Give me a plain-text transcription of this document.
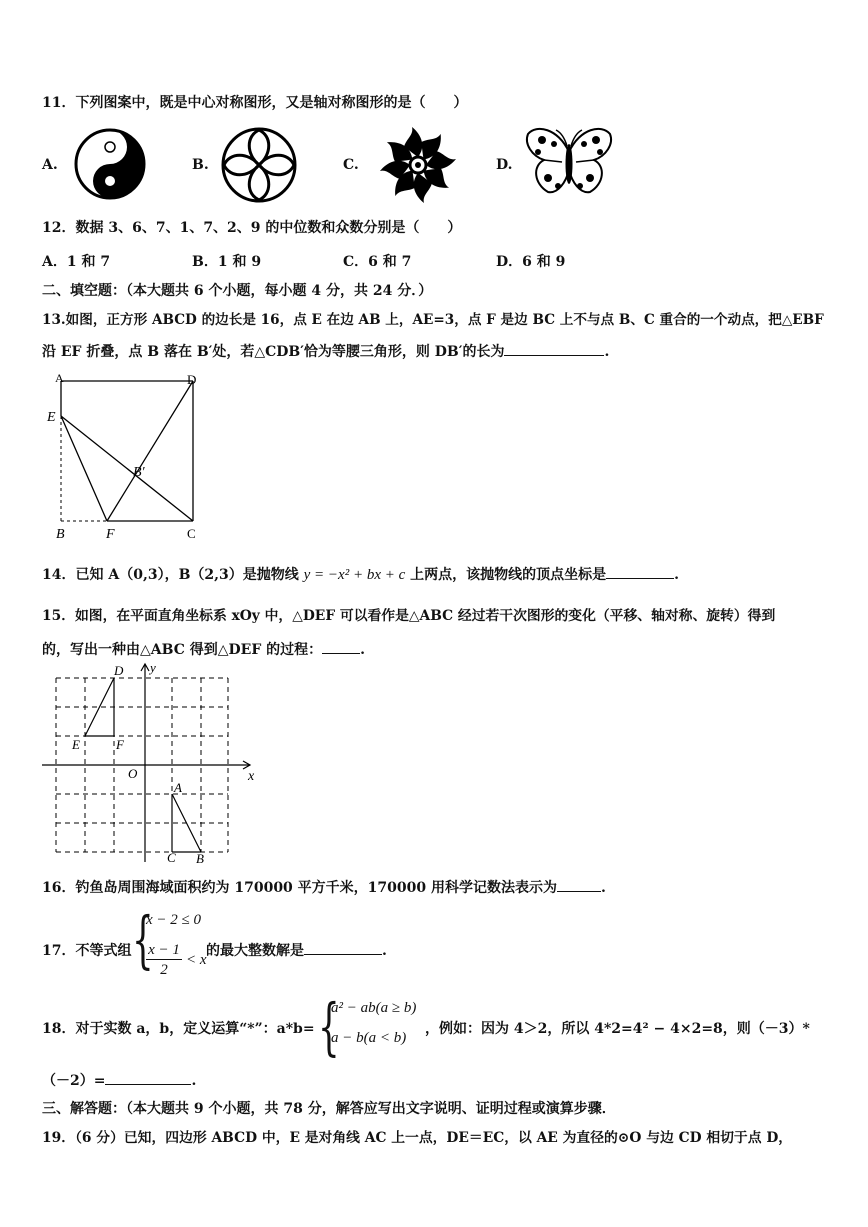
11．下列图案中，既是中心对称图形，又是轴对称图形的是（　　）
A.	B.	C.	D.
12．数据 3、6、7、1、7、2、9 的中位数和众数分别是（　　）
A．1 和 7	B．1 和 9	C．6 和 7	D．6 和 9
二、填空题：（本大题共 6 个小题，每小题 4 分，共 24 分．）
13.如图，正方形 ABCD 的边长是 16，点 E 在边 AB 上，AE=3，点 F 是边 BC 上不与点 B、C 重合的一个动点，把△EBF
沿 EF 折叠，点 B 落在 B′处，若△CDB′恰为等腰三角形，则 DB′的长为	.
A	D
E
B′
B	F	C
14．已知 A（0,3），B（2,3）是抛物线 y = −x² + bx + c 上两点，该抛物线的顶点坐标是	.
15．如图，在平面直角坐标系 xOy 中，△DEF 可以看作是△ABC 经过若干次图形的变化（平移、轴对称、旋转）得到
的，写出一种由△ABC 得到△DEF 的过程：	.
y
x
O
D
E	F
A
C B
16．钓鱼岛周围海域面积约为 170000 平方千米，170000 用科学记数法表示为	.
17．不等式组 {
x − 2 ≤ 0
x − 1
2
< x
的最大整数解是	.
18．对于实数 a，b，定义运算“*”：a*b= {
a² − ab(a ≥ b)
a − b(a < b)
，例如：因为 4＞2，所以 4*2=4² − 4×2=8，则（－3）*
（－2）=	.
三、解答题：（本大题共 9 个小题，共 78 分，解答应写出文字说明、证明过程或演算步骤．
19．（6 分）已知，四边形 ABCD 中，E 是对角线 AC 上一点，DE＝EC，以 AE 为直径的⊙O 与边 CD 相切于点 D，
